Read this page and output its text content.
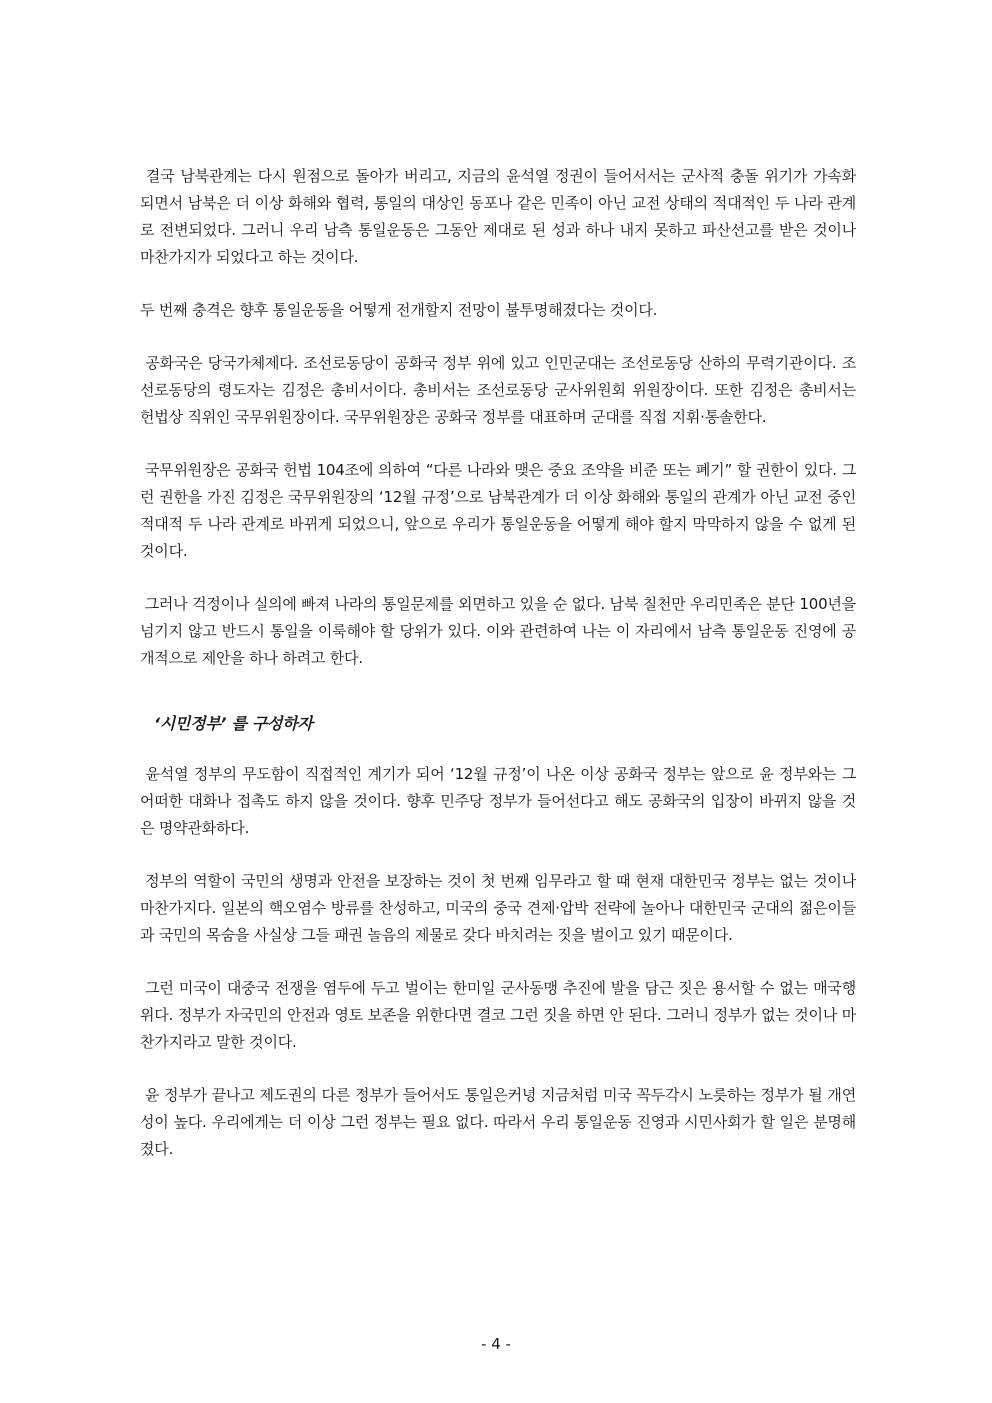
결국 남북관계는 다시 원점으로 돌아가 버리고, 지금의 윤석열 정권이 들어서서는 군사적 충돌 위기가 가속화 되면서 남북은 더 이상 화해와 협력, 통일의 대상인 동포나 같은 민족이 아닌 교전 상태의 적대적인 두 나라 관계로 전변되었다. 그러니 우리 남측 통일운동은 그동안 제대로 된 성과 하나 내지 못하고 파산선고를 받은 것이나 마찬가지가 되었다고 하는 것이다.

두 번째 충격은 향후 통일운동을 어떻게 전개할지 전망이 불투명해졌다는 것이다.

공화국은 당국가체제다. 조선로동당이 공화국 정부 위에 있고 인민군대는 조선로동당 산하의 무력기관이다. 조선로동당의 령도자는 김정은 총비서이다. 총비서는 조선로동당 군사위원회 위원장이다. 또한 김정은 총비서는 헌법상 직위인 국무위원장이다. 국무위원장은 공화국 정부를 대표하며 군대를 직접 지휘·통솔한다.

국무위원장은 공화국 헌법 104조에 의하여 “다른 나라와 맺은 중요 조약을 비준 또는 폐기” 할 권한이 있다. 그런 권한을 가진 김정은 국무위원장의 ‘12월 규정’으로 남북관계가 더 이상 화해와 통일의 관계가 아닌 교전 중인 적대적 두 나라 관계로 바뀌게 되었으니, 앞으로 우리가 통일운동을 어떻게 해야 할지 막막하지 않을 수 없게 된 것이다.

그러나 걱정이나 실의에 빠져 나라의 통일문제를 외면하고 있을 순 없다. 남북 칠천만 우리민족은 분단 100년을 넘기지 않고 반드시 통일을 이룩해야 할 당위가 있다. 이와 관련하여 나는 이 자리에서 남측 통일운동 진영에 공개적으로 제안을 하나 하려고 한다.

‘시민정부’ 를 구성하자

윤석열 정부의 무도함이 직접적인 계기가 되어 ‘12월 규정’이 나온 이상 공화국 정부는 앞으로 윤 정부와는 그 어떠한 대화나 접촉도 하지 않을 것이다. 향후 민주당 정부가 들어선다고 해도 공화국의 입장이 바뀌지 않을 것은 명약관화하다.

정부의 역할이 국민의 생명과 안전을 보장하는 것이 첫 번째 임무라고 할 때 현재 대한민국 정부는 없는 것이나 마찬가지다. 일본의 핵오염수 방류를 찬성하고, 미국의 중국 견제·압박 전략에 놀아나 대한민국 군대의 젊은이들과 국민의 목숨을 사실상 그들 패권 놀음의 제물로 갖다 바치려는 짓을 벌이고 있기 때문이다.

그런 미국이 대중국 전쟁을 염두에 두고 벌이는 한미일 군사동맹 추진에 발을 담근 짓은 용서할 수 없는 매국행위다. 정부가 자국민의 안전과 영토 보존을 위한다면 결코 그런 짓을 하면 안 된다. 그러니 정부가 없는 것이나 마찬가지라고 말한 것이다.

윤 정부가 끝나고 제도권의 다른 정부가 들어서도 통일은커녕 지금처럼 미국 꼭두각시 노릇하는 정부가 될 개연성이 높다. 우리에게는 더 이상 그런 정부는 필요 없다. 따라서 우리 통일운동 진영과 시민사회가 할 일은 분명해졌다.

- 4 -
